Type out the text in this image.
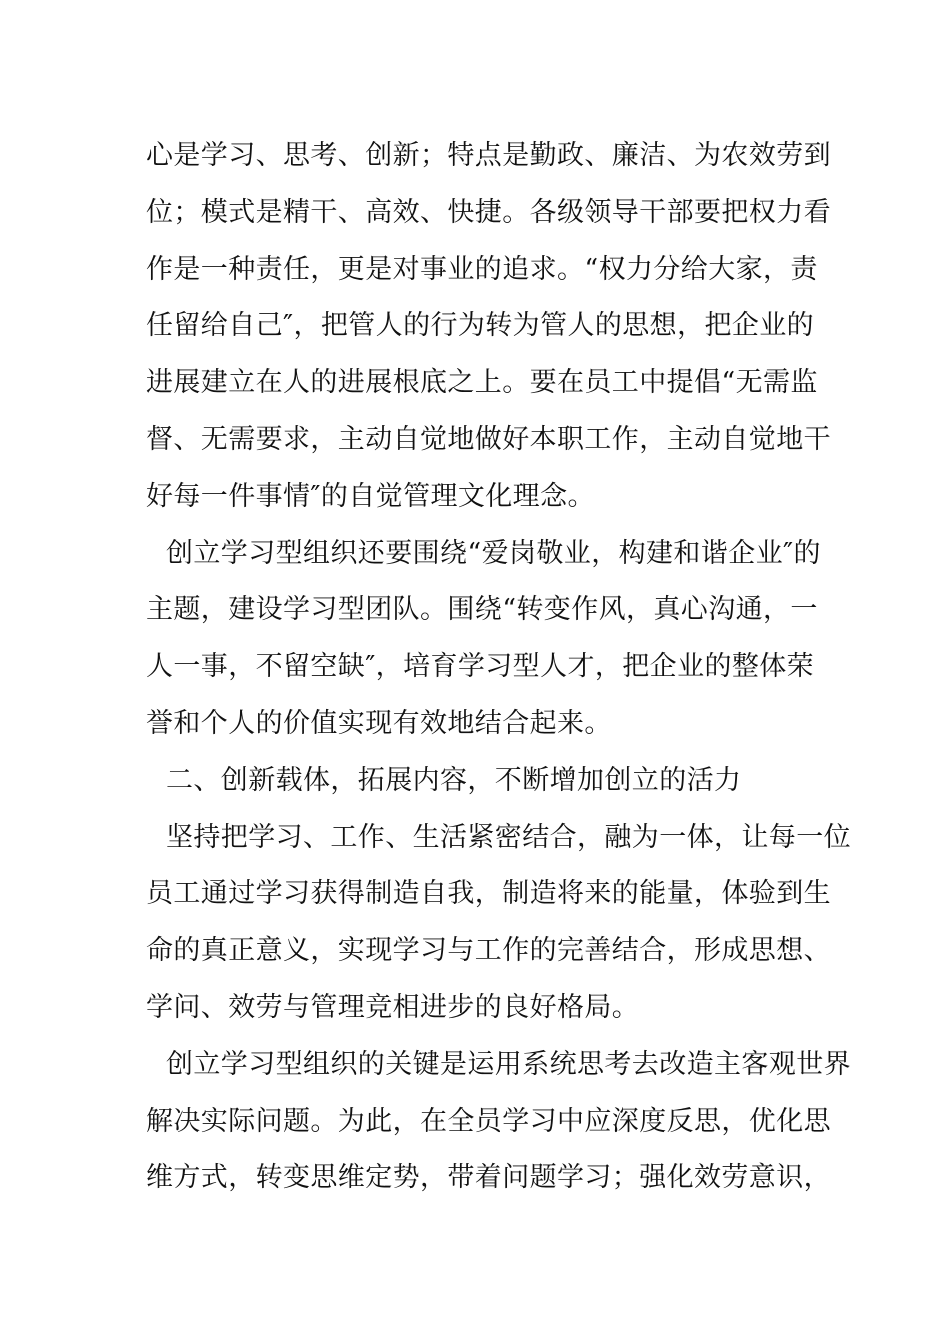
心是学习、思考、创新；特点是勤政、廉洁、为农效劳到
位；模式是精干、高效、快捷。各级领导干部要把权力看
作是一种责任，更是对事业的追求。“权力分给大家，责
任留给自己″，把管人的行为转为管人的思想，把企业的
进展建立在人的进展根底之上。要在员工中提倡“无需监
督、无需要求，主动自觉地做好本职工作，主动自觉地干
好每一件事情″的自觉管理文化理念。
创立学习型组织还要围绕“爱岗敬业，构建和谐企业″的
主题，建设学习型团队。围绕“转变作风，真心沟通，一
人一事，不留空缺″，培育学习型人才，把企业的整体荣
誉和个人的价值实现有效地结合起来。
二、创新载体，拓展内容，不断增加创立的活力
坚持把学习、工作、生活紧密结合，融为一体，让每一位
员工通过学习获得制造自我，制造将来的能量，体验到生
命的真正意义，实现学习与工作的完善结合，形成思想、
学问、效劳与管理竞相进步的良好格局。
创立学习型组织的关键是运用系统思考去改造主客观世界
解决实际问题。为此，在全员学习中应深度反思，优化思
维方式，转变思维定势，带着问题学习；强化效劳意识，
